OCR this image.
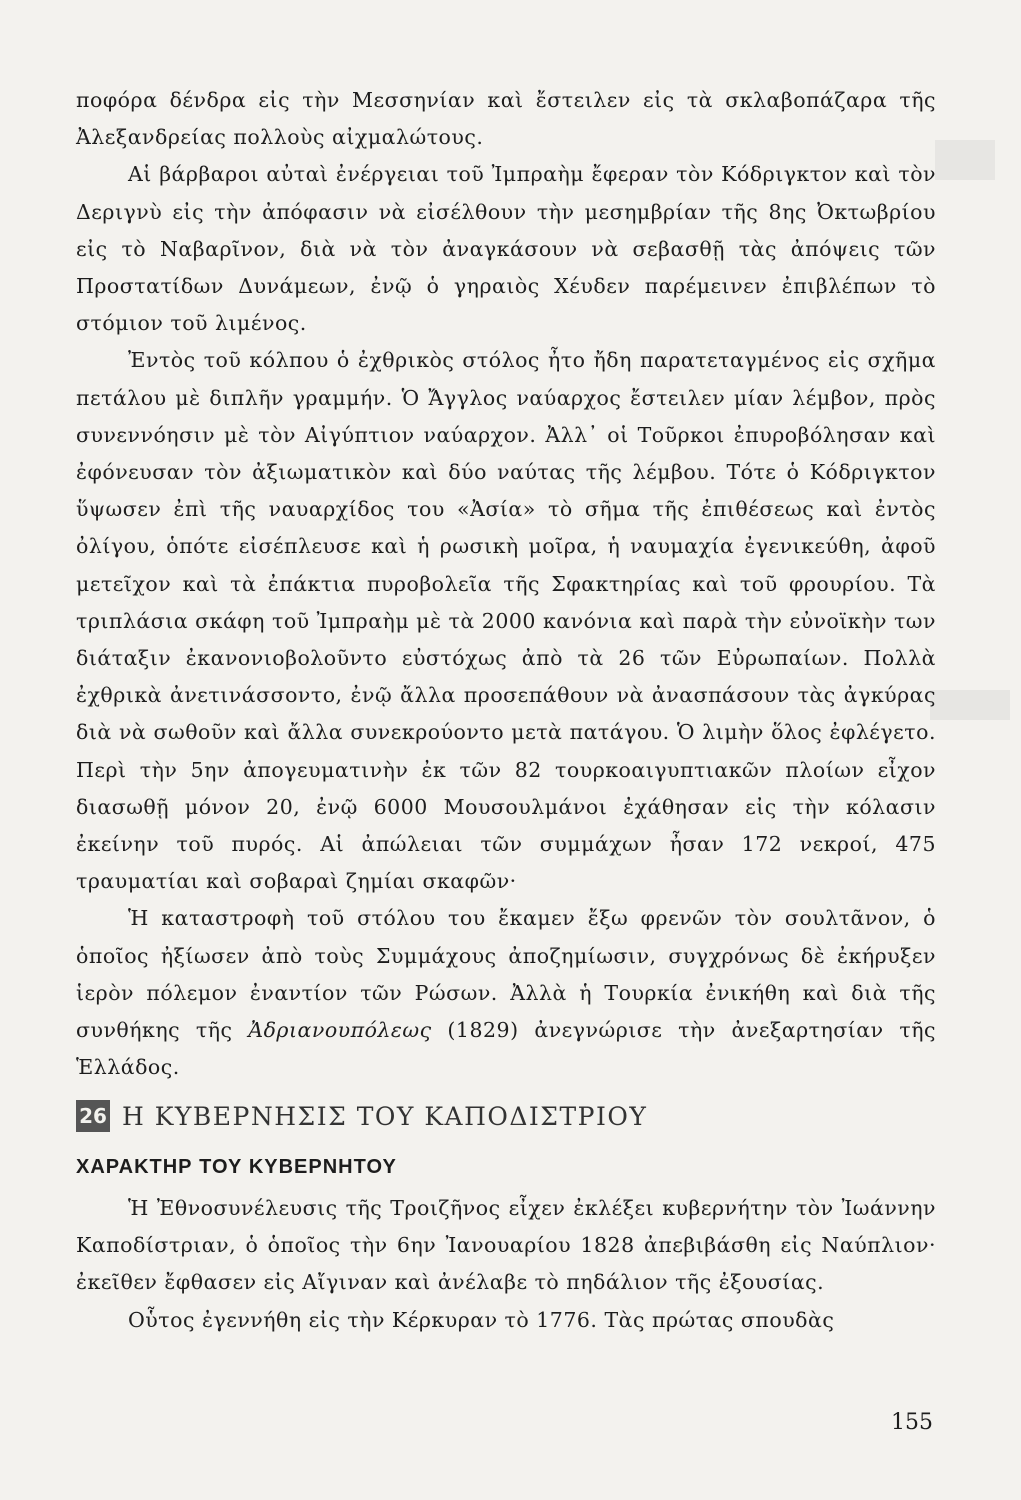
ποφόρα δένδρα εἰς τὴν Μεσσηνίαν καὶ ἔστειλεν εἰς τὰ σκλαβοπάζαρα τῆς Ἀλεξανδρείας πολλοὺς αἰχμαλώτους.

Αἱ βάρβαροι αὐταὶ ἐνέργειαι τοῦ Ἰμπραὴμ ἔφεραν τὸν Κόδριγκτον καὶ τὸν Δεριγνὺ εἰς τὴν ἀπόφασιν νὰ εἰσέλθουν τὴν μεσημβρίαν τῆς 8ης Ὀκτωβρίου εἰς τὸ Ναβαρῖνον, διὰ νὰ τὸν ἀναγκάσουν νὰ σεβασθῇ τὰς ἀπόψεις τῶν Προστατίδων Δυνάμεων, ἐνῷ ὁ γηραιὸς Χέυδεν παρέμεινεν ἐπιβλέπων τὸ στόμιον τοῦ λιμένος.

Ἐντὸς τοῦ κόλπου ὁ ἐχθρικὸς στόλος ἦτο ἤδη παρατεταγμένος εἰς σχῆμα πετάλου μὲ διπλῆν γραμμήν. Ὁ Ἄγγλος ναύαρχος ἔστειλεν μίαν λέμβον, πρὸς συνεννόησιν μὲ τὸν Αἰγύπτιον ναύαρχον. Ἀλλ᾽ οἱ Τοῦρκοι ἐπυροβόλησαν καὶ ἐφόνευσαν τὸν ἀξιωματικὸν καὶ δύο ναύτας τῆς λέμβου. Τότε ὁ Κόδριγκτον ὕψωσεν ἐπὶ τῆς ναυαρχίδος του «Ἀσία» τὸ σῆμα τῆς ἐπιθέσεως καὶ ἐντὸς ὀλίγου, ὁπότε εἰσέπλευσε καὶ ἡ ρωσικὴ μοῖρα, ἡ ναυμαχία ἐγενικεύθη, ἀφοῦ μετεῖχον καὶ τὰ ἐπάκτια πυροβολεῖα τῆς Σφακτηρίας καὶ τοῦ φρουρίου. Τὰ τριπλάσια σκάφη τοῦ Ἰμπραὴμ μὲ τὰ 2000 κανόνια καὶ παρὰ τὴν εὐνοϊκὴν των διάταξιν ἐκανονιοβολοῦντο εὐστόχως ἀπὸ τὰ 26 τῶν Εὐρωπαίων. Πολλὰ ἐχθρικὰ ἀνετινάσσοντο, ἐνῷ ἄλλα προσεπάθουν νὰ ἀνασπάσουν τὰς ἀγκύρας διὰ νὰ σωθοῦν καὶ ἄλλα συνεκρούοντο μετὰ πατάγου. Ὁ λιμὴν ὅλος ἐφλέγετο. Περὶ τὴν 5ην ἀπογευματινὴν ἐκ τῶν 82 τουρκοαιγυπτιακῶν πλοίων εἶχον διασωθῇ μόνον 20, ἐνῷ 6000 Μουσουλμάνοι ἐχάθησαν εἰς τὴν κόλασιν ἐκείνην τοῦ πυρός. Αἱ ἀπώλειαι τῶν συμμάχων ἦσαν 172 νεκροί, 475 τραυματίαι καὶ σοβαραὶ ζημίαι σκαφῶν·

Ἡ καταστροφὴ τοῦ στόλου του ἔκαμεν ἔξω φρενῶν τὸν σουλτᾶνον, ὁ ὁποῖος ἠξίωσεν ἀπὸ τοὺς Συμμάχους ἀποζημίωσιν, συγχρόνως δὲ ἐκήρυξεν ἱερὸν πόλεμον ἐναντίον τῶν Ρώσων. Ἀλλὰ ἡ Τουρκία ἐνικήθη καὶ διὰ τῆς συνθήκης τῆς Ἀδριανουπόλεως (1829) ἀνεγνώρισε τὴν ἀνεξαρτησίαν τῆς Ἑλλάδος.

26 Η ΚΥΒΕΡΝΗΣΙΣ ΤΟΥ ΚΑΠΟΔΙΣΤΡΙΟΥ
ΧΑΡΑΚΤΗΡ ΤΟΥ ΚΥΒΕΡΝΗΤΟΥ

Ἡ Ἐθνοσυνέλευσις τῆς Τροιζῆνος εἶχεν ἐκλέξει κυβερνήτην τὸν Ἰωάννην Καποδίστριαν, ὁ ὁποῖος τὴν 6ην Ἰανουαρίου 1828 ἀπεβιβάσθη εἰς Ναύπλιον· ἐκεῖθεν ἔφθασεν εἰς Αἴγιναν καὶ ἀνέλαβε τὸ πηδάλιον τῆς ἐξουσίας.

Οὗτος ἐγεννήθη εἰς τὴν Κέρκυραν τὸ 1776. Τὰς πρώτας σπουδὰς

155
